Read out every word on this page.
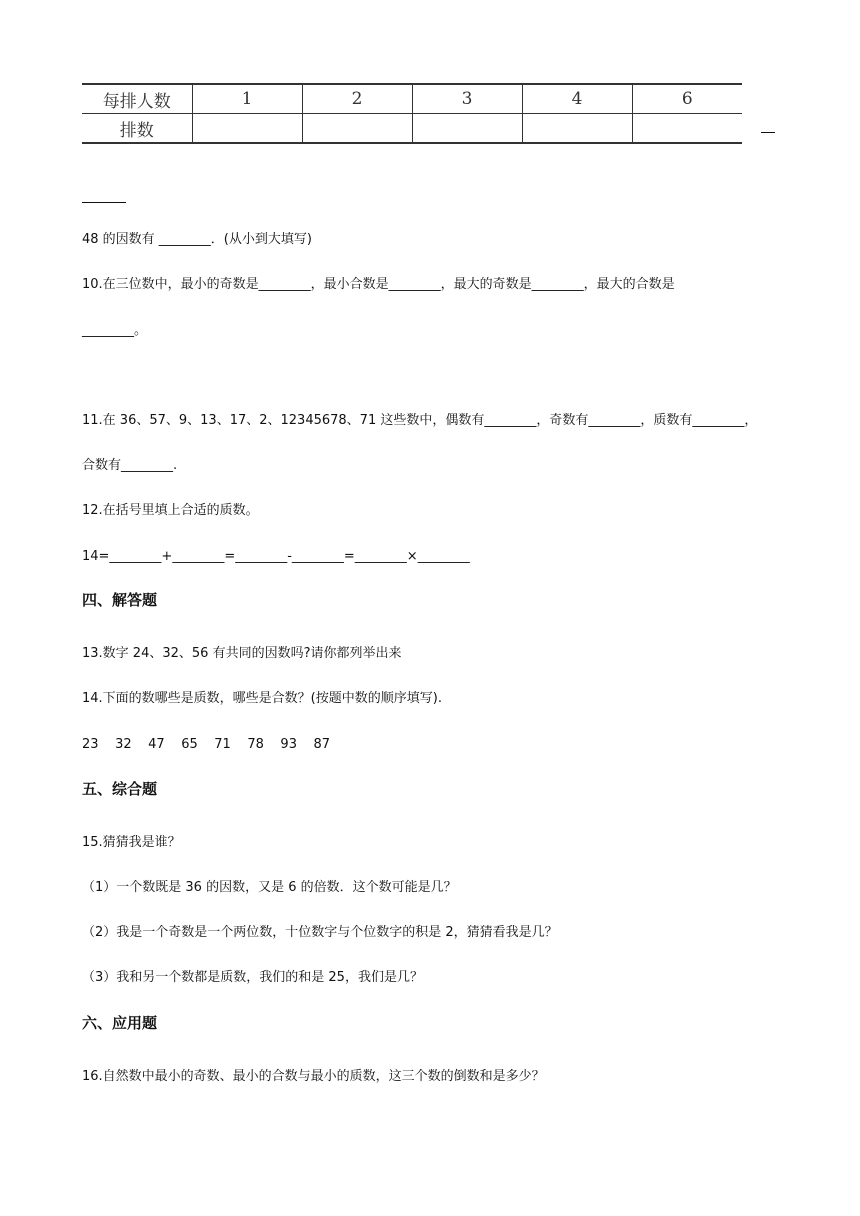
每排人数	1	2	3	4	6
排数					
48 的因数有 ________．(从小到大填写)
10.在三位数中，最小的奇数是________，最小合数是________，最大的奇数是________，最大的合数是
________。
11.在 36、57、9、13、17、2、12345678、71 这些数中，偶数有________，奇数有________，质数有________，
合数有________.
12.在括号里填上合适的质数。
14=________+________=________-________=________×________
四、解答题
13.数字 24、32、56 有共同的因数吗?请你都列举出来
14.下面的数哪些是质数，哪些是合数？(按题中数的顺序填写).
23    32    47    65    71    78    93    87
五、综合题
15.猜猜我是谁？
（1）一个数既是 36 的因数，又是 6 的倍数．这个数可能是几？
（2）我是一个奇数是一个两位数，十位数字与个位数字的积是 2，猜猜看我是几？
（3）我和另一个数都是质数，我们的和是 25，我们是几？
六、应用题
16.自然数中最小的奇数、最小的合数与最小的质数，这三个数的倒数和是多少？
